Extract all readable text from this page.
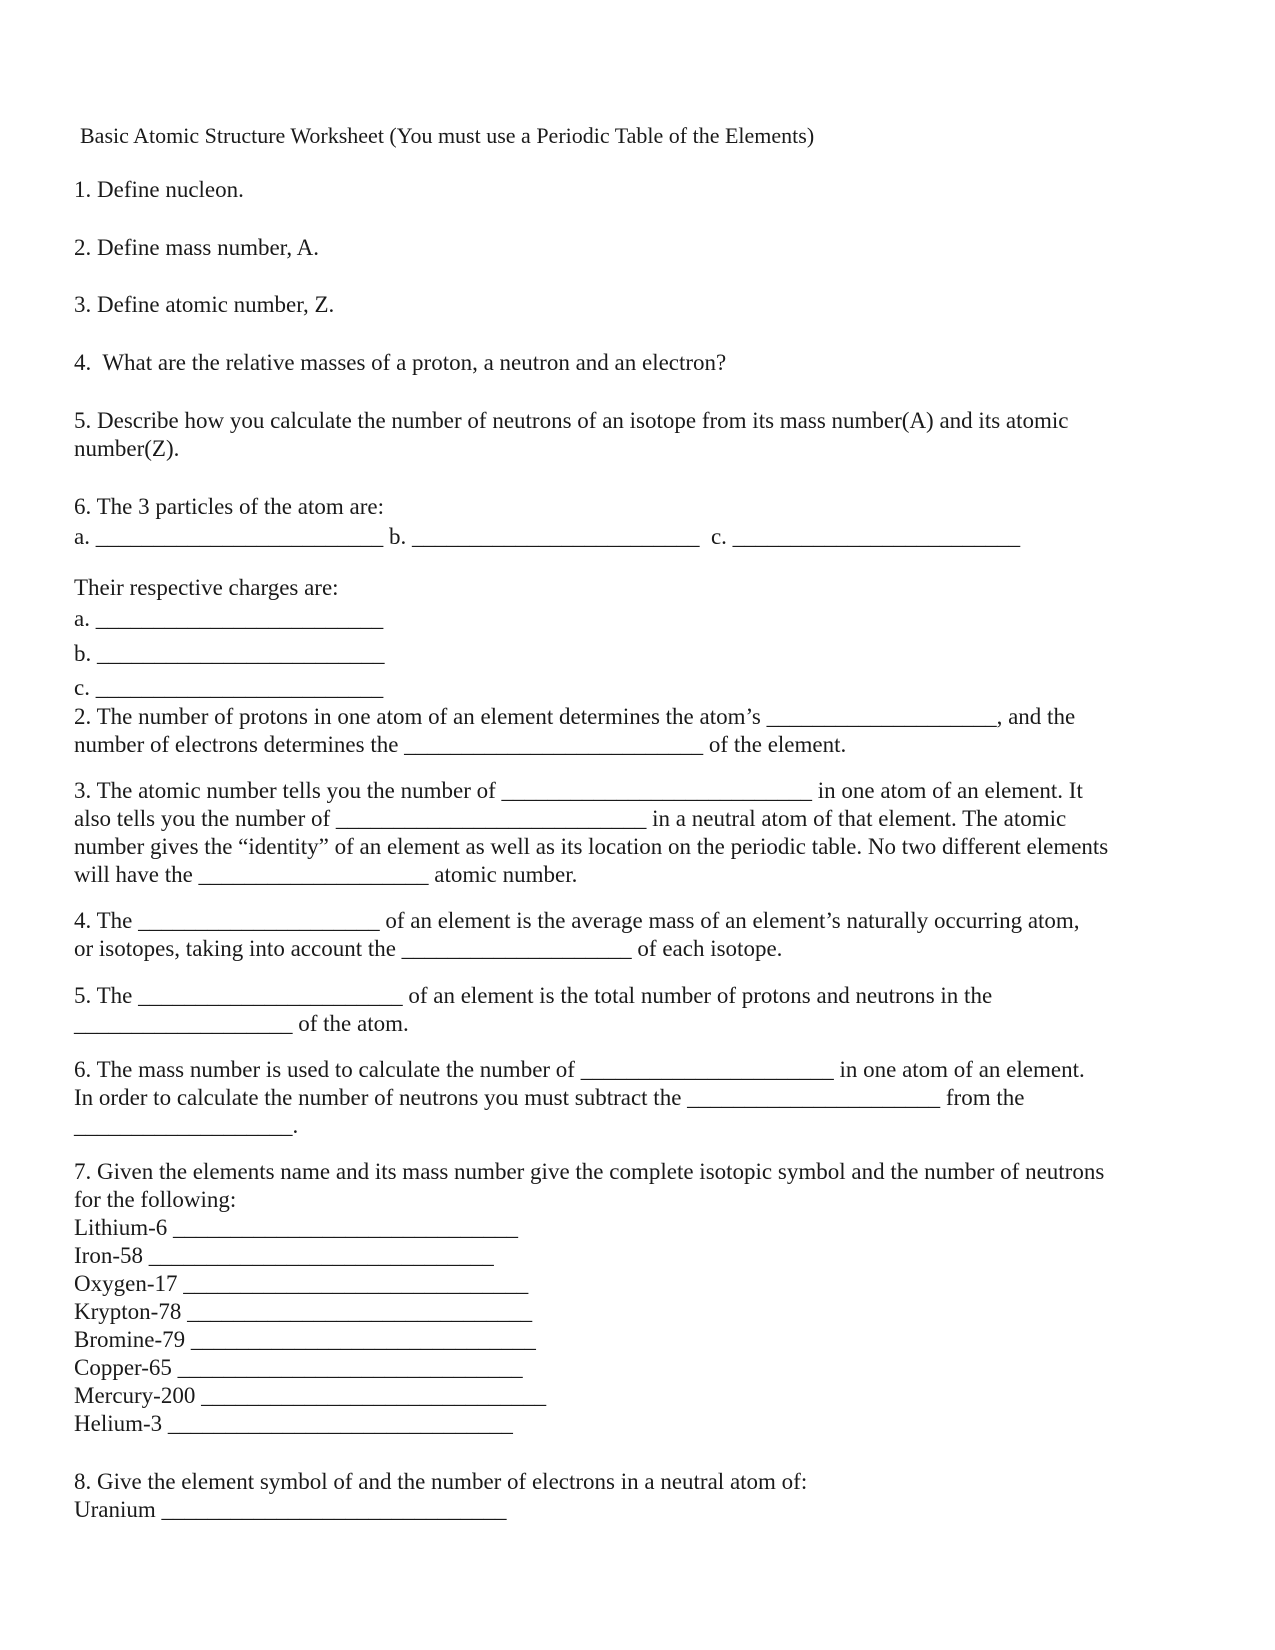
Basic Atomic Structure Worksheet (You must use a Periodic Table of the Elements)
1. Define nucleon.
2. Define mass number, A.
3. Define atomic number, Z.
4.  What are the relative masses of a proton, a neutron and an electron?
5. Describe how you calculate the number of neutrons of an isotope from its mass number(A) and its atomic
number(Z).
6. The 3 particles of the atom are:
a. _________________________ b. _________________________  c. _________________________
Their respective charges are:
a. _________________________
b. _________________________
c. _________________________
2. The number of protons in one atom of an element determines the atom’s ____________________, and the
number of electrons determines the __________________________ of the element.
3. The atomic number tells you the number of ___________________________ in one atom of an element. It
also tells you the number of ___________________________ in a neutral atom of that element. The atomic
number gives the “identity” of an element as well as its location on the periodic table. No two different elements
will have the ____________________ atomic number.
4. The _____________________ of an element is the average mass of an element’s naturally occurring atom,
or isotopes, taking into account the ____________________ of each isotope.
5. The _______________________ of an element is the total number of protons and neutrons in the
___________________ of the atom.
6. The mass number is used to calculate the number of ______________________ in one atom of an element.
In order to calculate the number of neutrons you must subtract the ______________________ from the
___________________.
7. Given the elements name and its mass number give the complete isotopic symbol and the number of neutrons
for the following:
Lithium-6 ______________________________
Iron-58 ______________________________
Oxygen-17 ______________________________
Krypton-78 ______________________________
Bromine-79 ______________________________
Copper-65 ______________________________
Mercury-200 ______________________________
Helium-3 ______________________________
8. Give the element symbol of and the number of electrons in a neutral atom of:
Uranium ______________________________
